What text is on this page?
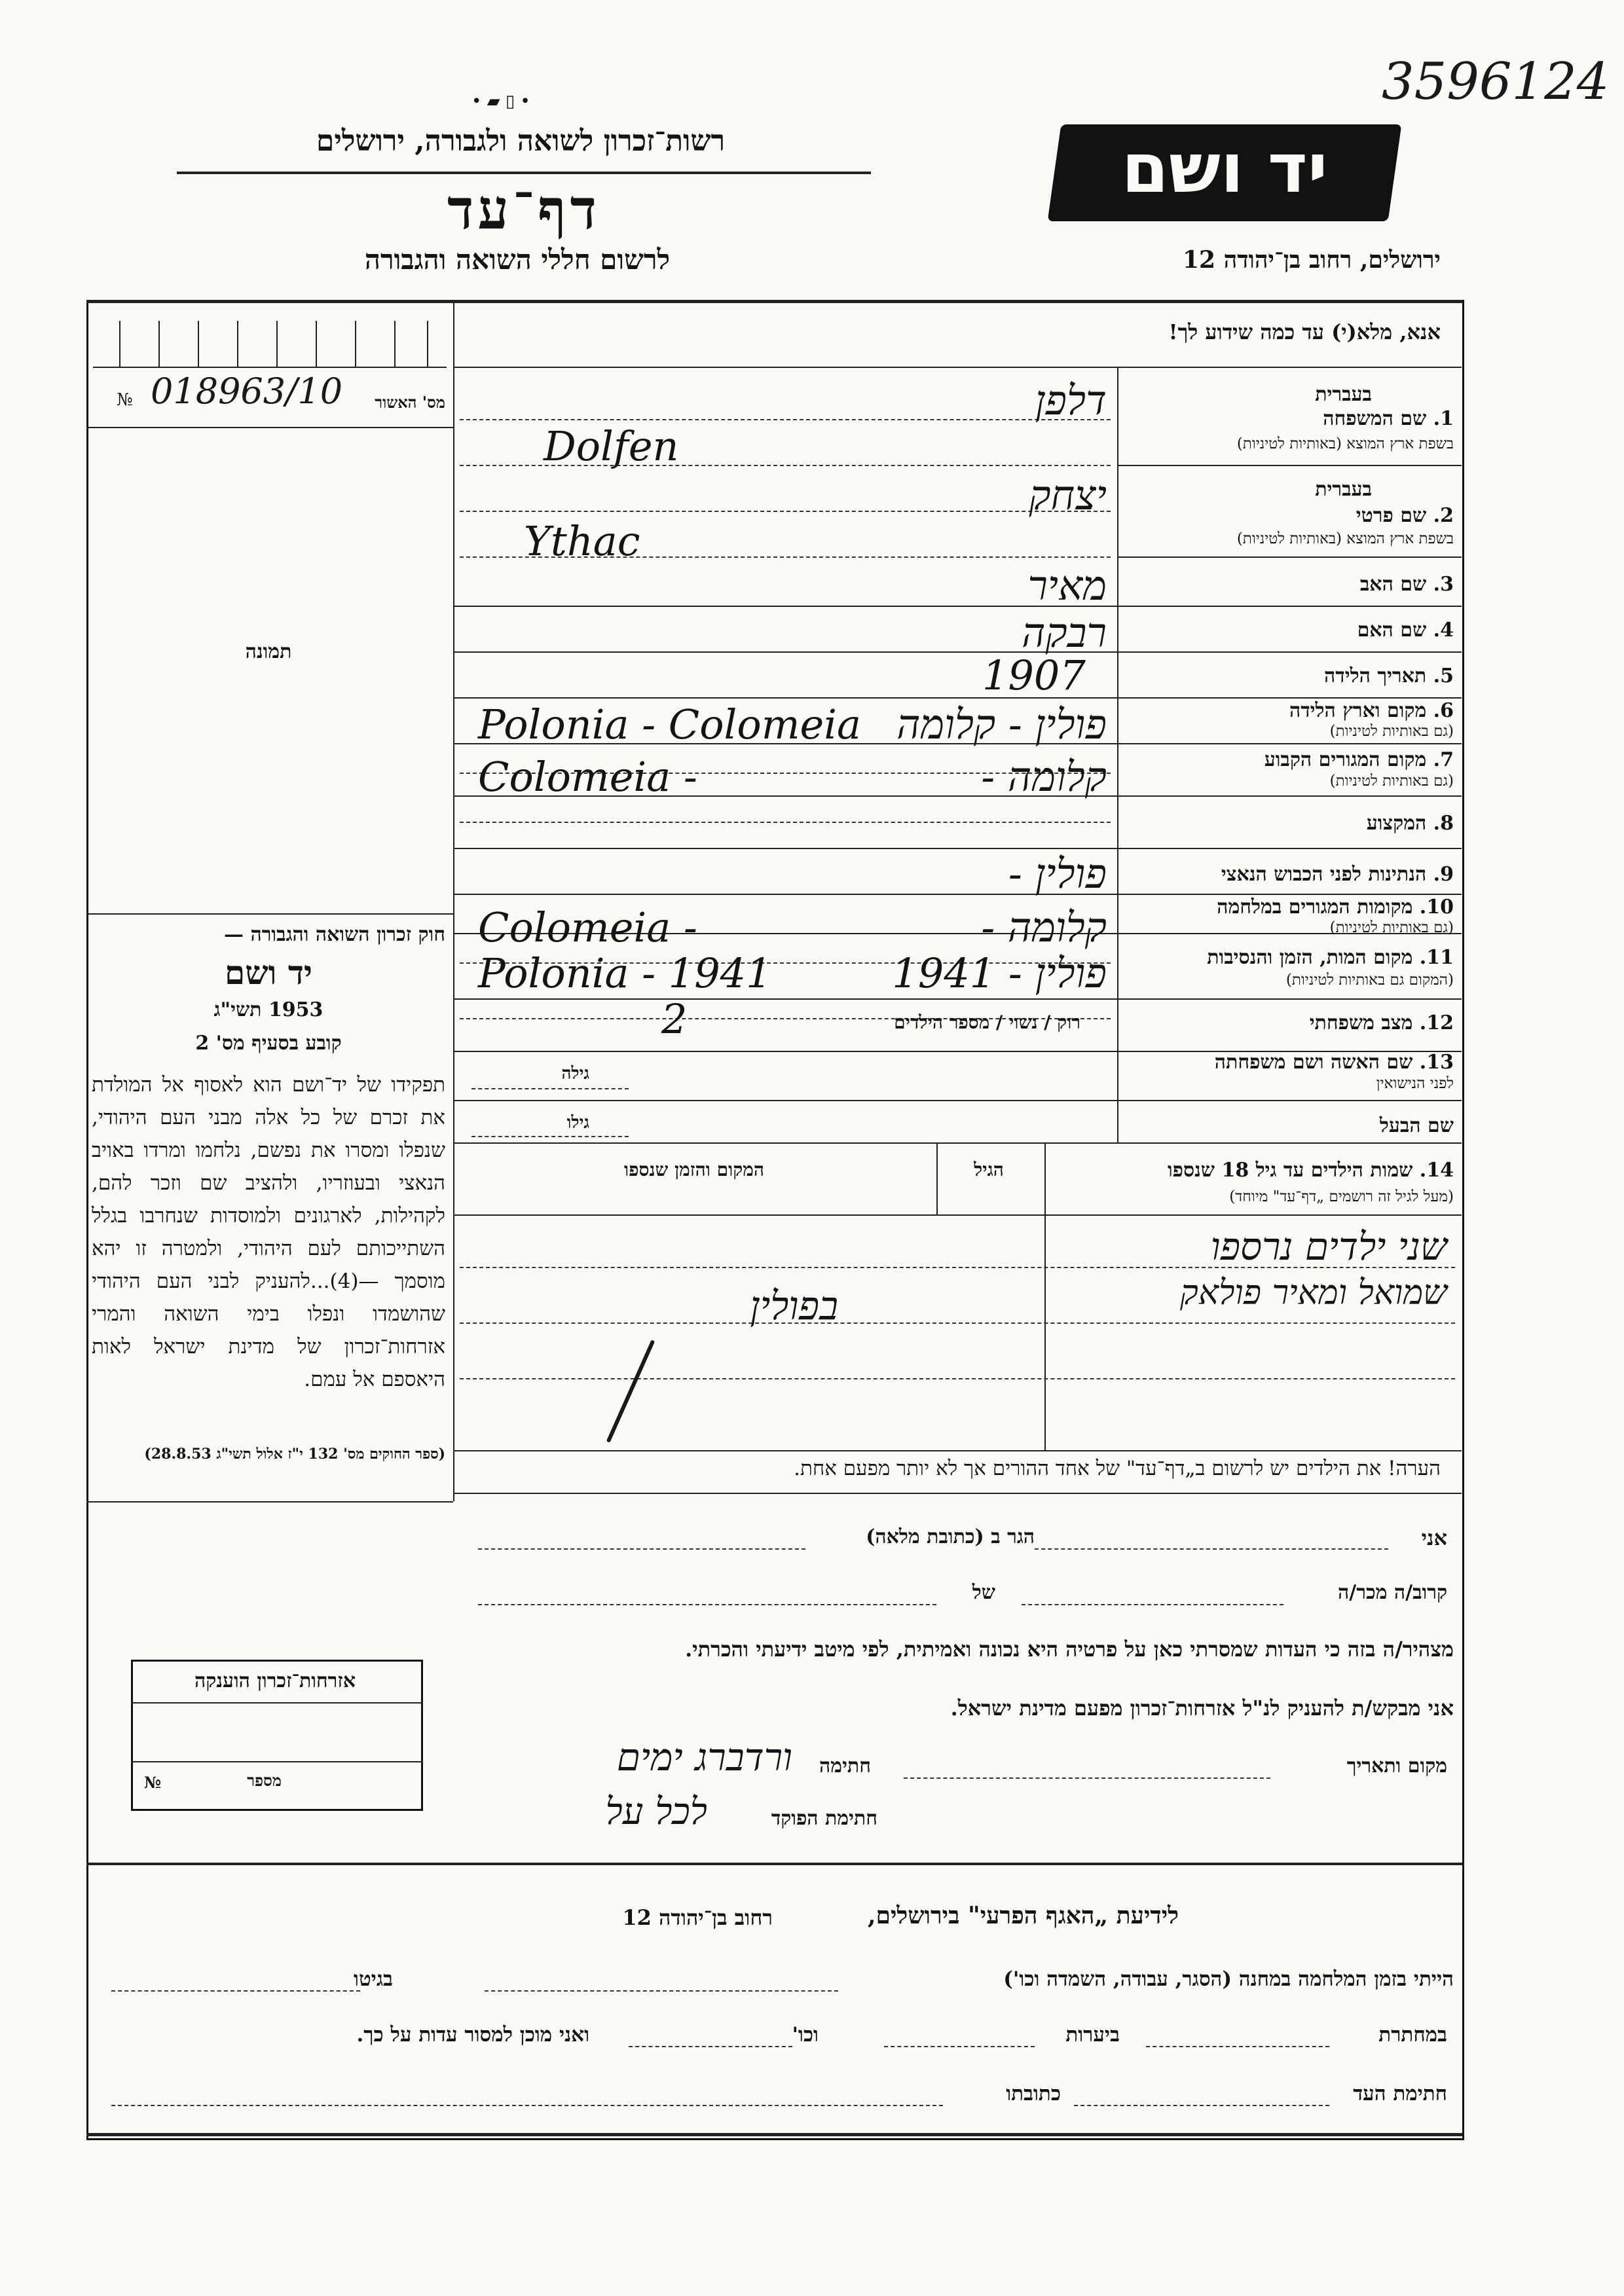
3596124
• ▰ ▯ •
רשות־זכרון לשואה ולגבורה, ירושלים
דף־עד
לרשום חללי השואה והגבורה
יד ושם
ירושלים, רחוב בן־יהודה 12
№ 018963/10	מס' האשור
תמונה
חוק זכרון השואה והגבורה —
יד ושם
1953 תשי"ג
קובע בסעיף מס' 2
תפקידו של יד־ושם הוא לאסוף אל המולדת את זכרם של כל אלה מבני העם היהודי, שנפלו ומסרו את נפשם, נלחמו ומרדו באויב הנאצי ובעוזריו, ולהציב שם וזכר להם, לקהילות, לארגונים ולמוסדות שנחרבו בגלל השתייכותם לעם היהודי, ולמטרה זו יהא מוסמך —(4)...להעניק לבני העם היהודי שהושמדו ונפלו בימי השואה והמרי אזרחות־זכרון של מדינת ישראל לאות היאספם אל עמם.
(ספר החוקים מס' 132 י"ז אלול תשי"ג 28.8.53)
אנא, מלא(י) עד כמה שידוע לך!
בעברית
1. שם המשפחה
בשפת ארץ המוצא (באותיות לטיניות)
דלפן
Dolfen
בעברית
2. שם פרטי
בשפת ארץ המוצא (באותיות לטיניות)
יצחק
Ythac
3. שם האב
מאיר
4. שם האם
רבקה
5. תאריך הלידה
1907
6. מקום וארץ הלידה
(גם באותיות לטיניות)
פולין - קלומה
Polonia - Colomeia
7. מקום המגורים הקבוע
(גם באותיות לטיניות)
קלומה -
Colomeia -
8. המקצוע
9. הנתינות לפני הכבוש הנאצי
פולין -
10. מקומות המגורים במלחמה
(גם באותיות לטיניות)
קלומה -
Colomeia -
11. מקום המות, הזמן והנסיבות
(המקום גם באותיות לטיניות)
פולין - 1941
Polonia - 1941
12. מצב משפחתי
רוק / נשוי / מספר הילדים
2
13. שם האשה ושם משפחתה
לפני הנישואין
גילה
שם הבעל
גילו
14. שמות הילדים עד גיל 18 שנספו
(מעל לגיל זה רושמים „דף־עד" מיוחד)
הגיל
המקום והזמן שנספו
שני ילדים נרספו
שמואל ומאיר פולאק
בפולין
הערה! את הילדים יש לרשום ב„דף־עד" של אחד ההורים אך לא יותר מפעם אחת.
אני
הגר ב (כתובת מלאה)
קרוב/ה מכר/ה
של
מצהיר/ה בזה כי העדות שמסרתי כאן על פרטיה היא נכונה ואמיתית, לפי מיטב ידיעתי והכרתי.
אני מבקש/ת להעניק לנ"ל אזרחות־זכרון מפעם מדינת ישראל.
מקום ותאריך
חתימה
ורדברג ימים
חתימת הפוקד
לכל על
אזרחות־זכרון הוענקה
מספר
№
לידיעת „האגף הפרעי" בירושלים,
רחוב בן־יהודה 12
הייתי בזמן המלחמה במחנה (הסגר, עבודה, השמדה וכו')
בגיטו
במחתרת
ביערות
וכו'
ואני מוכן למסור עדות על כך.
חתימת העד
כתובתו
